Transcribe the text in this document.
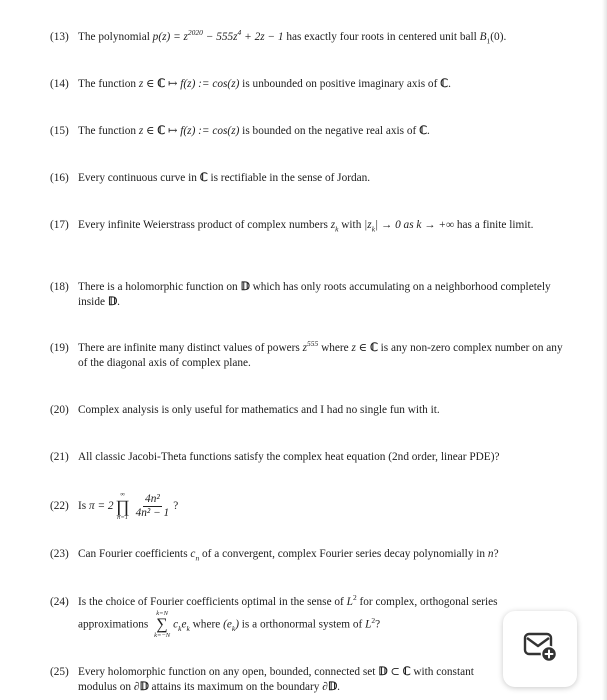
(13) The polynomial $p(z) = z^{2020} - 555z^4 + 2z - 1$ has exactly four roots in centered unit ball $B_1(0)$.
(14) The function z ∈ ℂ ↦ f(z) := cos(z) is unbounded on positive imaginary axis of ℂ.
(15) The function z ∈ ℂ ↦ f(z) := cos(z) is bounded on the negative real axis of ℂ.
(16) Every continuous curve in ℂ is rectifiable in the sense of Jordan.
(17) Every infinite Weierstrass product of complex numbers $z_k$ with $|z_k| \to 0$ as k → +∞ has a finite limit.
(18) There is a holomorphic function on 𝔻 which has only roots accumulating on a neighborhood completely inside 𝔻.
(19) There are infinite many distinct values of powers $z^{555}$ where z ∈ ℂ is any non-zero complex number on any of the diagonal axis of complex plane.
(20) Complex analysis is only useful for mathematics and I had no single fun with it.
(21) All classic Jacobi-Theta functions satisfy the complex heat equation (2nd order, linear PDE)?
(22) Is
π = 2
∞
∏
$n=1 \frac{\text{4n²}}{\text{4n² − 1}}$ ?
(23) Can Fourier coefficients $c_n$ of a convergent, complex Fourier series decay polynomially in n?
(24) Is the choice of Fourier coefficients optimal in the sense of $L^2$ for complex, orthogonal series approximations
k=N
∑
k=−N
$c_ke_k$ where $(e_k)$ is a orthonormal system of $L^2$?
(25) Every holomorphic function on any open, bounded, connected set 𝔻 ⊂ ℂ with constant modulus on ∂𝔻 attains its maximum on the boundary ∂𝔻.
